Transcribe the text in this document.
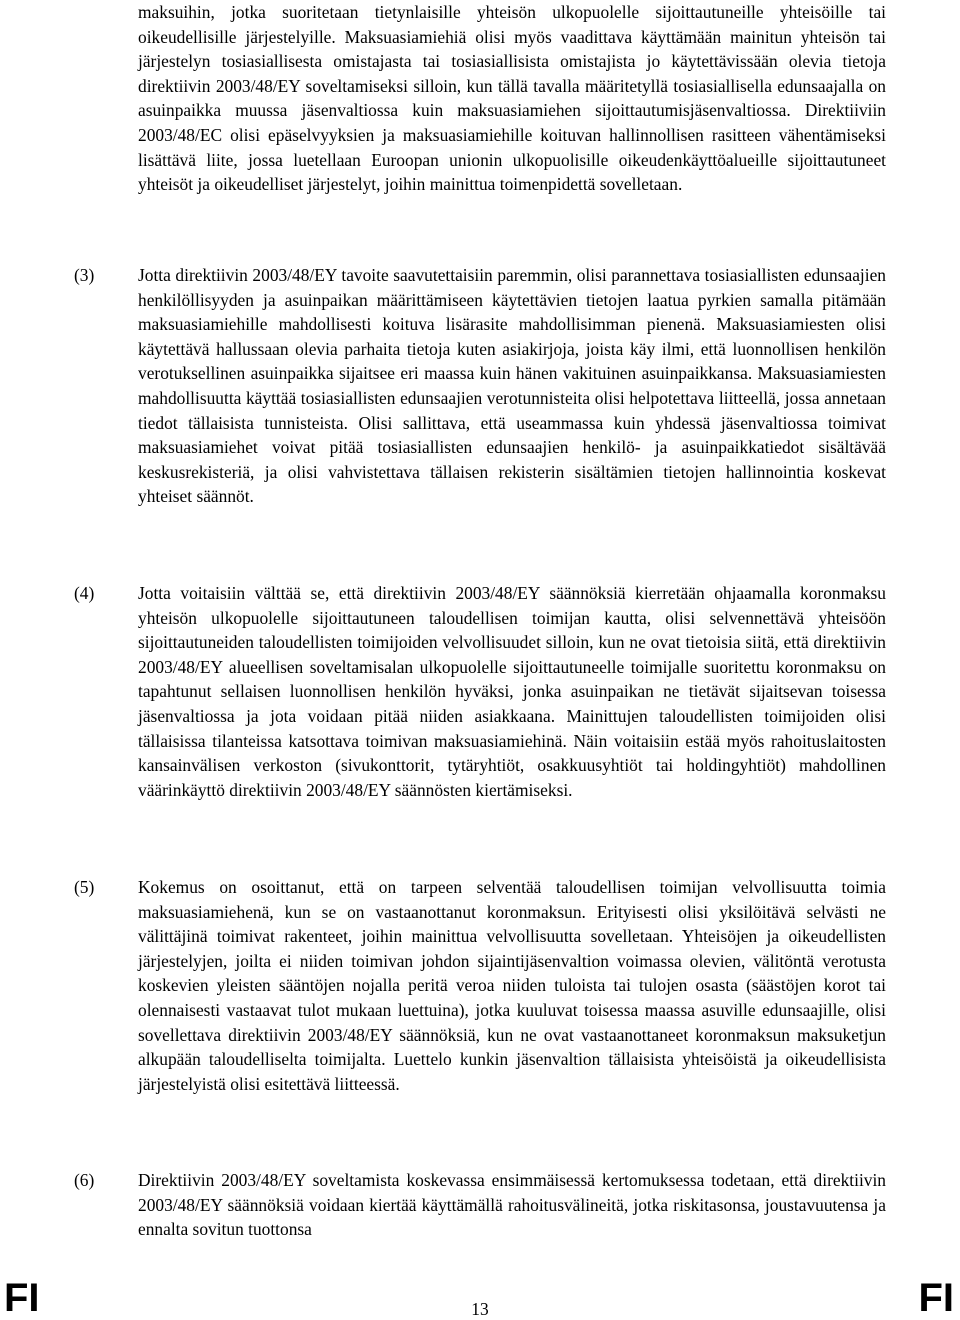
maksuihin, jotka suoritetaan tietynlaisille yhteisön ulkopuolelle sijoittautuneille yhteisöille tai oikeudellisille järjestelyille. Maksuasiamiehiä olisi myös vaadittava käyttämään mainitun yhteisön tai järjestelyn tosiasiallisesta omistajasta tai tosiasiallisista omistajista jo käytettävissään olevia tietoja direktiivin 2003/48/EY soveltamiseksi silloin, kun tällä tavalla määritetyllä tosiasiallisella edunsaajalla on asuinpaikka muussa jäsenvaltiossa kuin maksuasiamiehen sijoittautumisjäsenvaltiossa. Direktiiviin 2003/48/EC olisi epäselvyyksien ja maksuasiamiehille koituvan hallinnollisen rasitteen vähentämiseksi lisättävä liite, jossa luetellaan Euroopan unionin ulkopuolisille oikeudenkäyttöalueille sijoittautuneet yhteisöt ja oikeudelliset järjestelyt, joihin mainittua toimenpidettä sovelletaan.

(3)	Jotta direktiivin 2003/48/EY tavoite saavutettaisiin paremmin, olisi parannettava tosiasiallisten edunsaajien henkilöllisyyden ja asuinpaikan määrittämiseen käytettävien tietojen laatua pyrkien samalla pitämään maksuasiamiehille mahdollisesti koituva lisärasite mahdollisimman pienenä. Maksuasiamiesten olisi käytettävä hallussaan olevia parhaita tietoja kuten asiakirjoja, joista käy ilmi, että luonnollisen henkilön verotuksellinen asuinpaikka sijaitsee eri maassa kuin hänen vakituinen asuinpaikkansa. Maksuasiamiesten mahdollisuutta käyttää tosiasiallisten edunsaajien verotunnisteita olisi helpotettava liitteellä, jossa annetaan tiedot tällaisista tunnisteista. Olisi sallittava, että useammassa kuin yhdessä jäsenvaltiossa toimivat maksuasiamiehet voivat pitää tosiasiallisten edunsaajien henkilö- ja asuinpaikkatiedot sisältävää keskusrekisteriä, ja olisi vahvistettava tällaisen rekisterin sisältämien tietojen hallinnointia koskevat yhteiset säännöt.

(4)	Jotta voitaisiin välttää se, että direktiivin 2003/48/EY säännöksiä kierretään ohjaamalla koronmaksu yhteisön ulkopuolelle sijoittautuneen taloudellisen toimijan kautta, olisi selvennettävä yhteisöön sijoittautuneiden taloudellisten toimijoiden velvollisuudet silloin, kun ne ovat tietoisia siitä, että direktiivin 2003/48/EY alueellisen soveltamisalan ulkopuolelle sijoittautuneelle toimijalle suoritettu koronmaksu on tapahtunut sellaisen luonnollisen henkilön hyväksi, jonka asuinpaikan ne tietävät sijaitsevan toisessa jäsenvaltiossa ja jota voidaan pitää niiden asiakkaana. Mainittujen taloudellisten toimijoiden olisi tällaisissa tilanteissa katsottava toimivan maksuasiamiehinä. Näin voitaisiin estää myös rahoituslaitosten kansainvälisen verkoston (sivukonttorit, tytäryhtiöt, osakkuusyhtiöt tai holdingyhtiöt) mahdollinen väärinkäyttö direktiivin 2003/48/EY säännösten kiertämiseksi.

(5)	Kokemus on osoittanut, että on tarpeen selventää taloudellisen toimijan velvollisuutta toimia maksuasiamiehenä, kun se on vastaanottanut koronmaksun. Erityisesti olisi yksilöitävä selvästi ne välittäjinä toimivat rakenteet, joihin mainittua velvollisuutta sovelletaan. Yhteisöjen ja oikeudellisten järjestelyjen, joilta ei niiden toimivan johdon sijaintijäsenvaltion voimassa olevien, välitöntä verotusta koskevien yleisten sääntöjen nojalla peritä veroa niiden tuloista tai tulojen osasta (säästöjen korot tai olennaisesti vastaavat tulot mukaan luettuina), jotka kuuluvat toisessa maassa asuville edunsaajille, olisi sovellettava direktiivin 2003/48/EY säännöksiä, kun ne ovat vastaanottaneet koronmaksun maksuketjun alkupään taloudelliselta toimijalta. Luettelo kunkin jäsenvaltion tällaisista yhteisöistä ja oikeudellisista järjestelyistä olisi esitettävä liitteessä.

(6)	Direktiivin 2003/48/EY soveltamista koskevassa ensimmäisessä kertomuksessa todetaan, että direktiivin 2003/48/EY säännöksiä voidaan kiertää käyttämällä rahoitusvälineitä, jotka riskitasonsa, joustavuutensa ja ennalta sovitun tuottonsa

FI	13	FI
